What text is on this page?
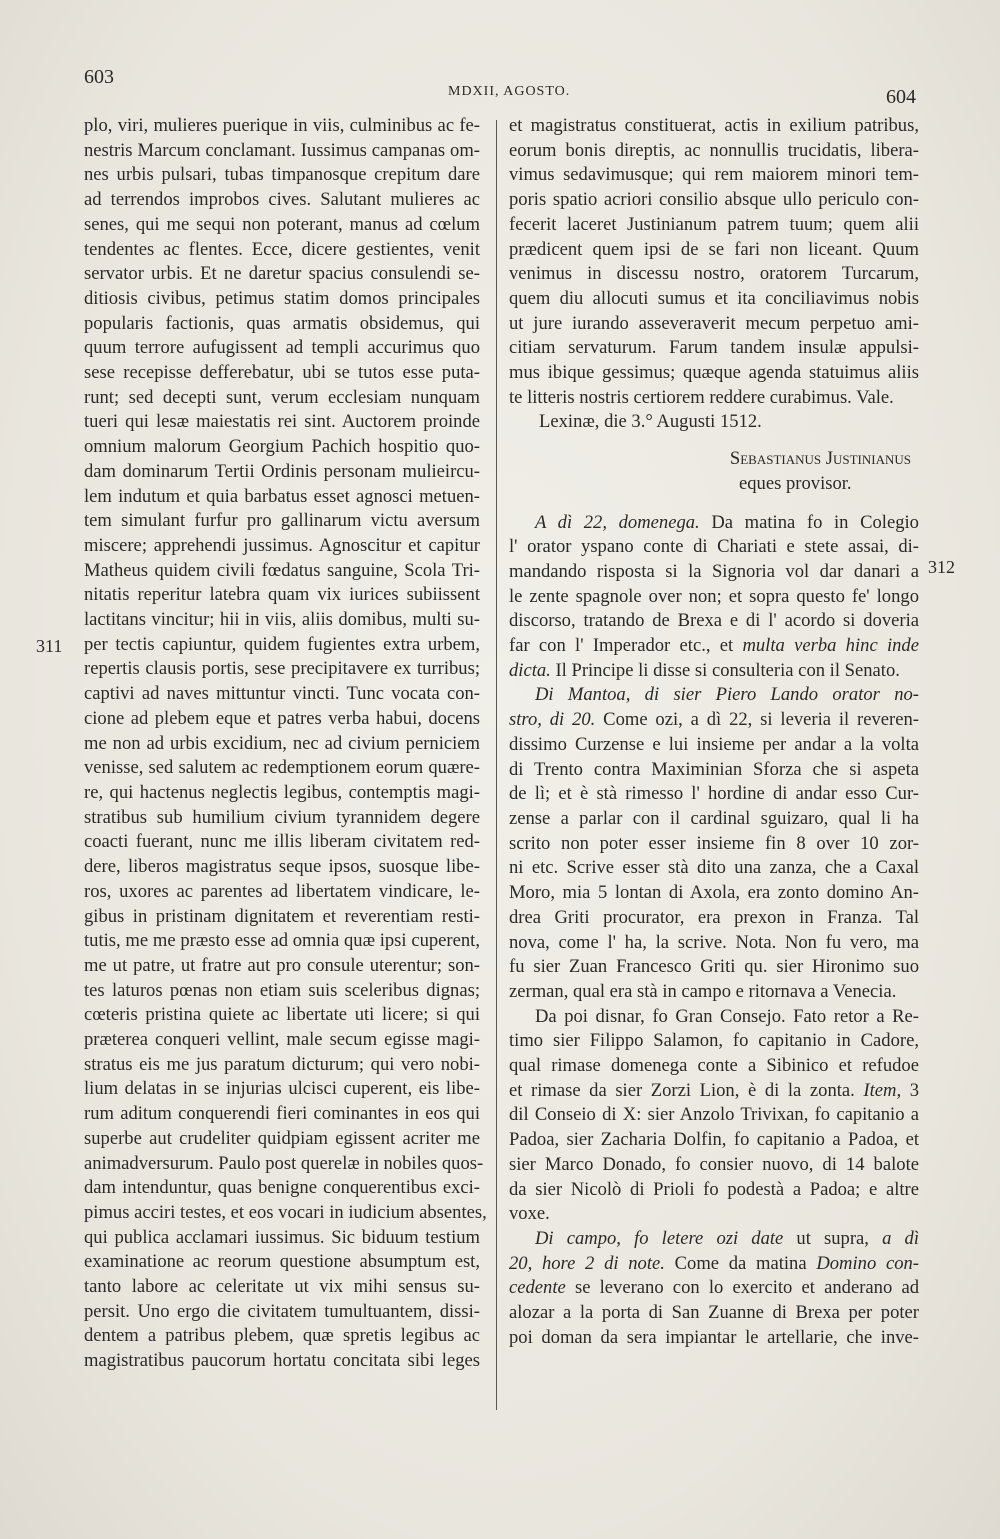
603
MDXII, AGOSTO.	604
311
312
plo, viri, mulieres puerique in viis, culminibus ac fe-
nestris Marcum conclamant. Iussimus campanas om-
nes urbis pulsari, tubas timpanosque crepitum dare
ad terrendos improbos cives. Salutant mulieres ac
senes, qui me sequi non poterant, manus ad cœlum
tendentes ac flentes. Ecce, dicere gestientes, venit
servator urbis. Et ne daretur spacius consulendi se-
ditiosis civibus, petimus statim domos principales
popularis factionis, quas armatis obsidemus, qui
quum terrore aufugissent ad templi accurimus quo
sese recepisse defferebatur, ubi se tutos esse puta-
runt; sed decepti sunt, verum ecclesiam nunquam
tueri qui lesæ maiestatis rei sint. Auctorem proinde
omnium malorum Georgium Pachich hospitio quo-
dam dominarum Tertii Ordinis personam mulieircu-
lem indutum et quia barbatus esset agnosci metuen-
tem simulant furfur pro gallinarum victu aversum
miscere; apprehendi jussimus. Agnoscitur et capitur
Matheus quidem civili fœdatus sanguine, Scola Tri-
nitatis reperitur latebra quam vix iurices subiissent
lactitans vincitur; hii in viis, aliis domibus, multi su-
per tectis capiuntur, quidem fugientes extra urbem,
repertis clausis portis, sese precipitavere ex turribus;
captivi ad naves mittuntur vincti. Tunc vocata con-
cione ad plebem eque et patres verba habui, docens
me non ad urbis excidium, nec ad civium perniciem
venisse, sed salutem ac redemptionem eorum quære-
re, qui hactenus neglectis legibus, contemptis magi-
stratibus sub humilium civium tyrannidem degere
coacti fuerant, nunc me illis liberam civitatem red-
dere, liberos magistratus seque ipsos, suosque libe-
ros, uxores ac parentes ad libertatem vindicare, le-
gibus in pristinam dignitatem et reverentiam resti-
tutis, me me præsto esse ad omnia quæ ipsi cuperent,
me ut patre, ut fratre aut pro consule uterentur; son-
tes laturos pœnas non etiam suis sceleribus dignas;
cœteris pristina quiete ac libertate uti licere; si qui
præterea conqueri vellint, male secum egisse magi-
stratus eis me jus paratum dicturum; qui vero nobi-
lium delatas in se injurias ulcisci cuperent, eis libe-
rum aditum conquerendi fieri cominantes in eos qui
superbe aut crudeliter quidpiam egissent acriter me
animadversurum. Paulo post querelæ in nobiles quos-
dam intenduntur, quas benigne conquerentibus exci-
pimus acciri testes, et eos vocari in iudicium absentes,
qui publica acclamari iussimus. Sic biduum testium
examinatione ac reorum questione absumptum est,
tanto labore ac celeritate ut vix mihi sensus su-
persit. Uno ergo die civitatem tumultuantem, dissi-
dentem a patribus plebem, quæ spretis legibus ac
magistratibus paucorum hortatu concitata sibi leges
et magistratus constituerat, actis in exilium patribus,
eorum bonis direptis, ac nonnullis trucidatis, libera-
vimus sedavimusque; qui rem maiorem minori tem-
poris spatio acriori consilio absque ullo periculo con-
fecerit laceret Justinianum patrem tuum; quem alii
prædicent quem ipsi de se fari non liceant. Quum
venimus in discessu nostro, oratorem Turcarum,
quem diu allocuti sumus et ita conciliavimus nobis
ut jure iurando asseveraverit mecum perpetuo ami-
citiam servaturum. Farum tandem insulæ appulsi-
mus ibique gessimus; quæque agenda statuimus aliis
te litteris nostris certiorem reddere curabimus. Vale.
Lexinæ, die 3.° Augusti 1512.
Sebastianus Justinianus
eques provisor.
A dì 22, domenega. Da matina fo in Colegio
l' orator yspano conte di Chariati e stete assai, di-
mandando risposta si la Signoria vol dar danari a
le zente spagnole over non; et sopra questo fe' longo
discorso, tratando de Brexa e di l' acordo si doveria
far con l' Imperador etc., et multa verba hinc inde
dicta. Il Principe li disse si consulteria con il Senato.
Di Mantoa, di sier Piero Lando orator no-
stro, di 20. Come ozi, a dì 22, si leveria il reveren-
dissimo Curzense e lui insieme per andar a la volta
di Trento contra Maximinian Sforza che si aspeta
de lì; et è stà rimesso l' hordine di andar esso Cur-
zense a parlar con il cardinal sguizaro, qual li ha
scrito non poter esser insieme fin 8 over 10 zor-
ni etc. Scrive esser stà dito una zanza, che a Caxal
Moro, mia 5 lontan di Axola, era zonto domino An-
drea Griti procurator, era prexon in Franza. Tal
nova, come l' ha, la scrive. Nota. Non fu vero, ma
fu sier Zuan Francesco Griti qu. sier Hironimo suo
zerman, qual era stà in campo e ritornava a Venecia.
Da poi disnar, fo Gran Consejo. Fato retor a Re-
timo sier Filippo Salamon, fo capitanio in Cadore,
qual rimase domenega conte a Sibinico et refudoe
et rimase da sier Zorzi Lion, è di la zonta. Item, 3
dil Conseio di X: sier Anzolo Trivixan, fo capitanio a
Padoa, sier Zacharia Dolfin, fo capitanio a Padoa, et
sier Marco Donado, fo consier nuovo, di 14 balote
da sier Nicolò di Prioli fo podestà a Padoa; e altre
voxe.
Di campo, fo letere ozi date ut supra, a dì
20, hore 2 di note. Come da matina Domino con-
cedente se leverano con lo exercito et anderano ad
alozar a la porta di San Zuanne di Brexa per poter
poi doman da sera impiantar le artellarie, che inve-
